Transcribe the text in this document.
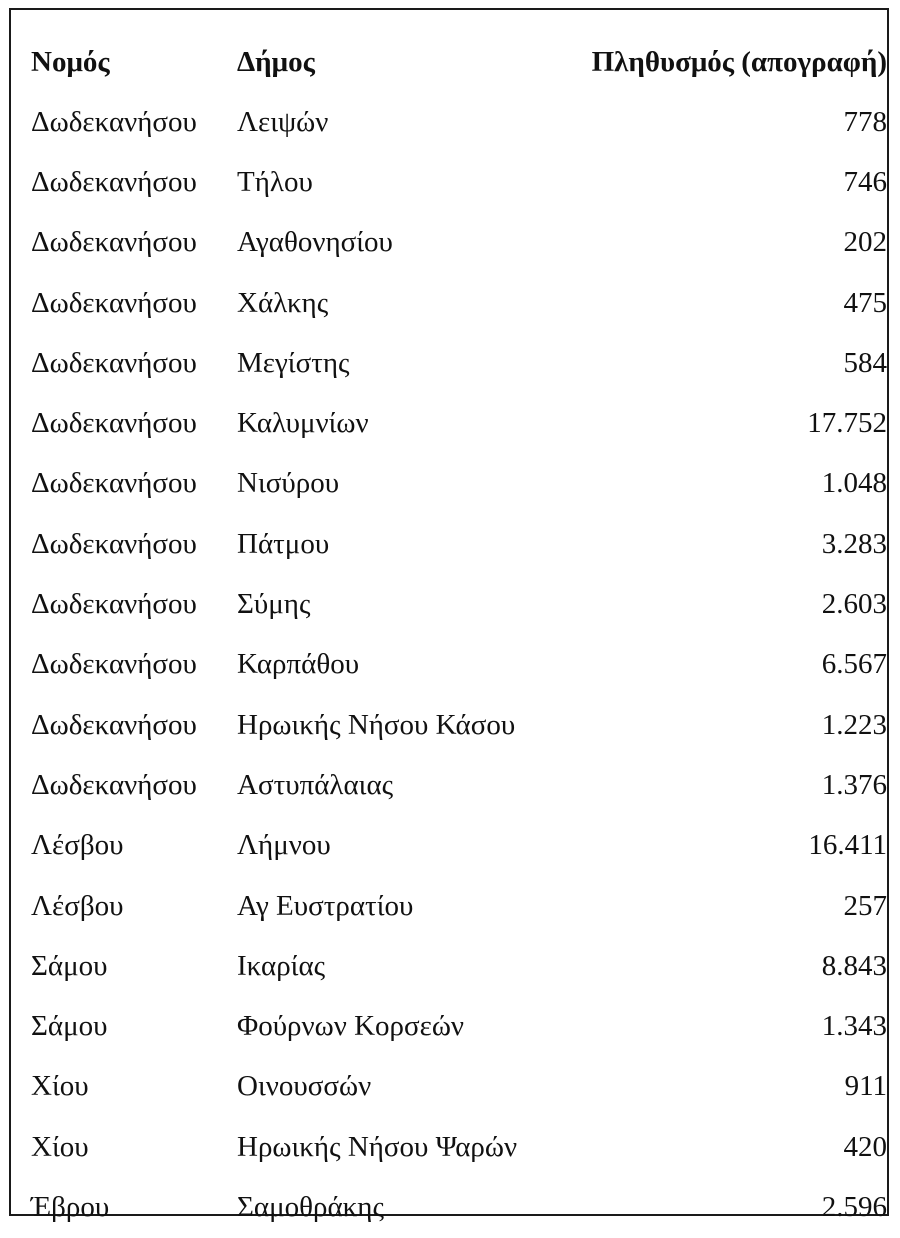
Νομός	Δήμος	Πληθυσμός (απογραφή)
Δωδεκανήσου	Λειψών	778
Δωδεκανήσου	Τήλου	746
Δωδεκανήσου	Αγαθονησίου	202
Δωδεκανήσου	Χάλκης	475
Δωδεκανήσου	Μεγίστης	584
Δωδεκανήσου	Καλυμνίων	17.752
Δωδεκανήσου	Νισύρου	1.048
Δωδεκανήσου	Πάτμου	3.283
Δωδεκανήσου	Σύμης	2.603
Δωδεκανήσου	Καρπάθου	6.567
Δωδεκανήσου	Ηρωικής Νήσου Κάσου	1.223
Δωδεκανήσου	Αστυπάλαιας	1.376
Λέσβου	Λήμνου	16.411
Λέσβου	Αγ Ευστρατίου	257
Σάμου	Ικαρίας	8.843
Σάμου	Φούρνων Κορσεών	1.343
Χίου	Οινουσσών	911
Χίου	Ηρωικής Νήσου Ψαρών	420
Έβρου	Σαμοθράκης	2.596
